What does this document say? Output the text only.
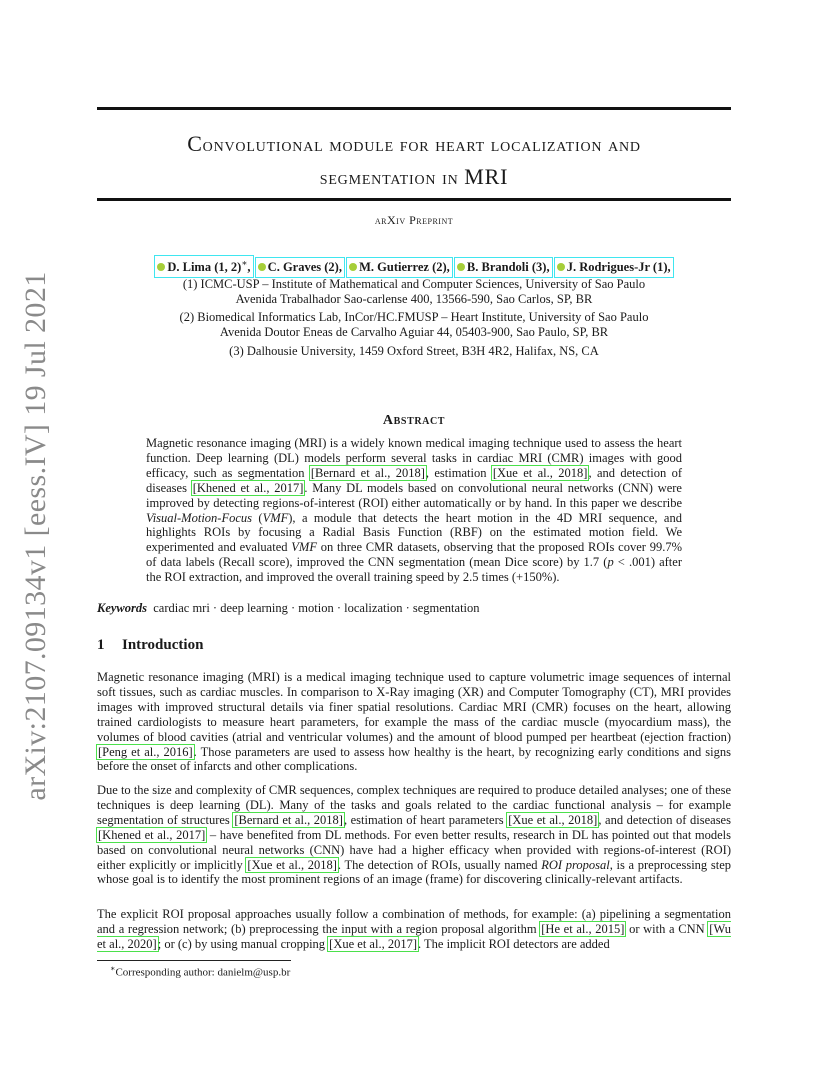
arXiv:2107.09134v1 [eess.IV] 19 Jul 2021
Convolutional module for heart localization and
segmentation in MRI
arXiv Preprint
D. Lima (1, 2)∗, C. Graves (2), M. Gutierrez (2), B. Brandoli (3), J. Rodrigues-Jr (1),
(1) ICMC-USP – Institute of Mathematical and Computer Sciences, University of Sao Paulo
Avenida Trabalhador Sao-carlense 400, 13566-590, Sao Carlos, SP, BR
(2) Biomedical Informatics Lab, InCor/HC.FMUSP – Heart Institute, University of Sao Paulo
Avenida Doutor Eneas de Carvalho Aguiar 44, 05403-900, Sao Paulo, SP, BR
(3) Dalhousie University, 1459 Oxford Street, B3H 4R2, Halifax, NS, CA
Abstract
Magnetic resonance imaging (MRI) is a widely known medical imaging technique used to assess the heart function. Deep learning (DL) models perform several tasks in cardiac MRI (CMR) images with good efficacy, such as segmentation [Bernard et al., 2018], estimation [Xue et al., 2018], and detection of diseases [Khened et al., 2017]. Many DL models based on convolutional neural networks (CNN) were improved by detecting regions-of-interest (ROI) either automatically or by hand. In this paper we describe Visual-Motion-Focus (VMF), a module that detects the heart motion in the 4D MRI sequence, and highlights ROIs by focusing a Radial Basis Function (RBF) on the estimated motion field. We experimented and evaluated VMF on three CMR datasets, observing that the proposed ROIs cover 99.7% of data labels (Recall score), improved the CNN segmentation (mean Dice score) by 1.7 (p < .001) after the ROI extraction, and improved the overall training speed by 2.5 times (+150%).
Keywords cardiac mri · deep learning · motion · localization · segmentation
1 Introduction
Magnetic resonance imaging (MRI) is a medical imaging technique used to capture volumetric image sequences of internal soft tissues, such as cardiac muscles. In comparison to X-Ray imaging (XR) and Computer Tomography (CT), MRI provides images with improved structural details via finer spatial resolutions. Cardiac MRI (CMR) focuses on the heart, allowing trained cardiologists to measure heart parameters, for example the mass of the cardiac muscle (myocardium mass), the volumes of blood cavities (atrial and ventricular volumes) and the amount of blood pumped per heartbeat (ejection fraction) [Peng et al., 2016]. Those parameters are used to assess how healthy is the heart, by recognizing early conditions and signs before the onset of infarcts and other complications.
Due to the size and complexity of CMR sequences, complex techniques are required to produce detailed analyses; one of these techniques is deep learning (DL). Many of the tasks and goals related to the cardiac functional analysis – for example segmentation of structures [Bernard et al., 2018], estimation of heart parameters [Xue et al., 2018], and detection of diseases [Khened et al., 2017] – have benefited from DL methods. For even better results, research in DL has pointed out that models based on convolutional neural networks (CNN) have had a higher efficacy when provided with regions-of-interest (ROI) either explicitly or implicitly [Xue et al., 2018]. The detection of ROIs, usually named ROI proposal, is a preprocessing step whose goal is to identify the most prominent regions of an image (frame) for discovering clinically-relevant artifacts.
The explicit ROI proposal approaches usually follow a combination of methods, for example: (a) pipelining a segmentation and a regression network; (b) preprocessing the input with a region proposal algorithm [He et al., 2015] or with a CNN [Wu et al., 2020]; or (c) by using manual cropping [Xue et al., 2017]. The implicit ROI detectors are added
∗Corresponding author: danielm@usp.br
